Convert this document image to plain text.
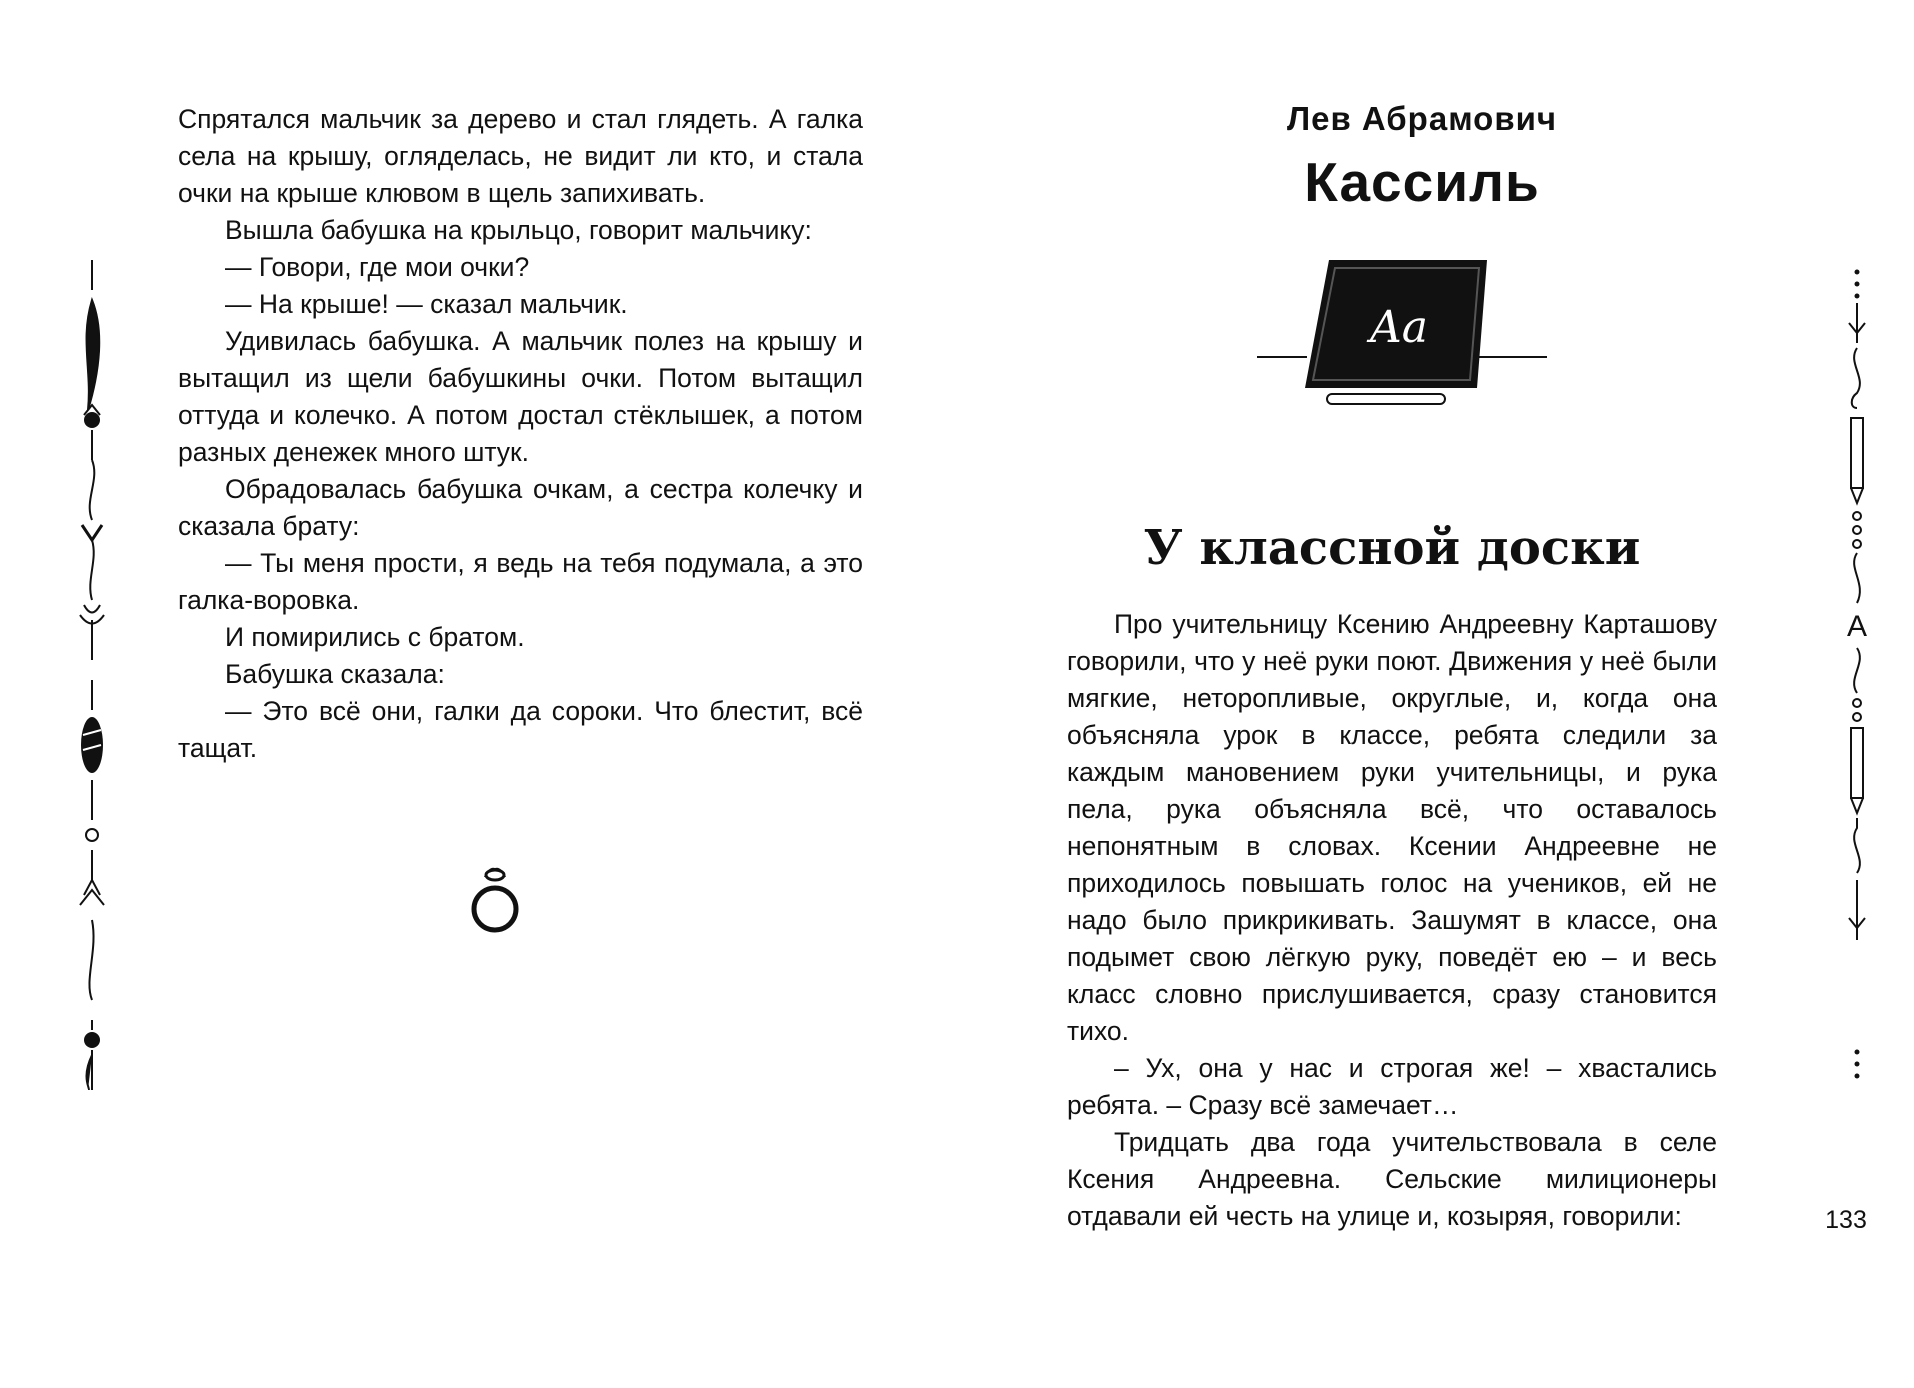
Спрятался мальчик за дерево и стал глядеть. А галка села на крышу, огляделась, не видит ли кто, и стала очки на крыше клювом в щель запихивать.

Вышла бабушка на крыльцо, говорит мальчику:

— Говори, где мои очки?

— На крыше! — сказал мальчик.

Удивилась бабушка. А мальчик полез на крышу и вытащил из щели бабушкины очки. Потом вытащил оттуда и колечко. А потом достал стёклышек, а потом разных денежек много штук.

Обрадовалась бабушка очкам, а сестра колечку и сказала брату:

— Ты меня прости, я ведь на тебя подумала, а это галка-воровка.

И помирились с братом.

Бабушка сказала:

— Это всё они, галки да сороки. Что блестит, всё тащат.

Лев Абрамович
Кассиль
Aa
У классной доски

Про учительницу Ксению Андреевну Карташову говорили, что у неё руки поют. Движения у неё были мягкие, неторопливые, округлые, и, когда она объясняла урок в классе, ребята следили за каждым мановением руки учительницы, и рука пела, рука объясняла всё, что оставалось непонятным в словах. Ксении Андреевне не приходилось повышать голос на учеников, ей не надо было прикрикивать. Зашумят в классе, она подымет свою лёгкую руку, поведёт ею – и весь класс словно прислушивается, сразу становится тихо.

– Ух, она у нас и строгая же! – хвастались ребята. – Сразу всё замечает…

Тридцать два года учительствовала в селе Ксения Андреевна. Сельские милиционеры отдавали ей честь на улице и, козыряя, говорили:	133
А
